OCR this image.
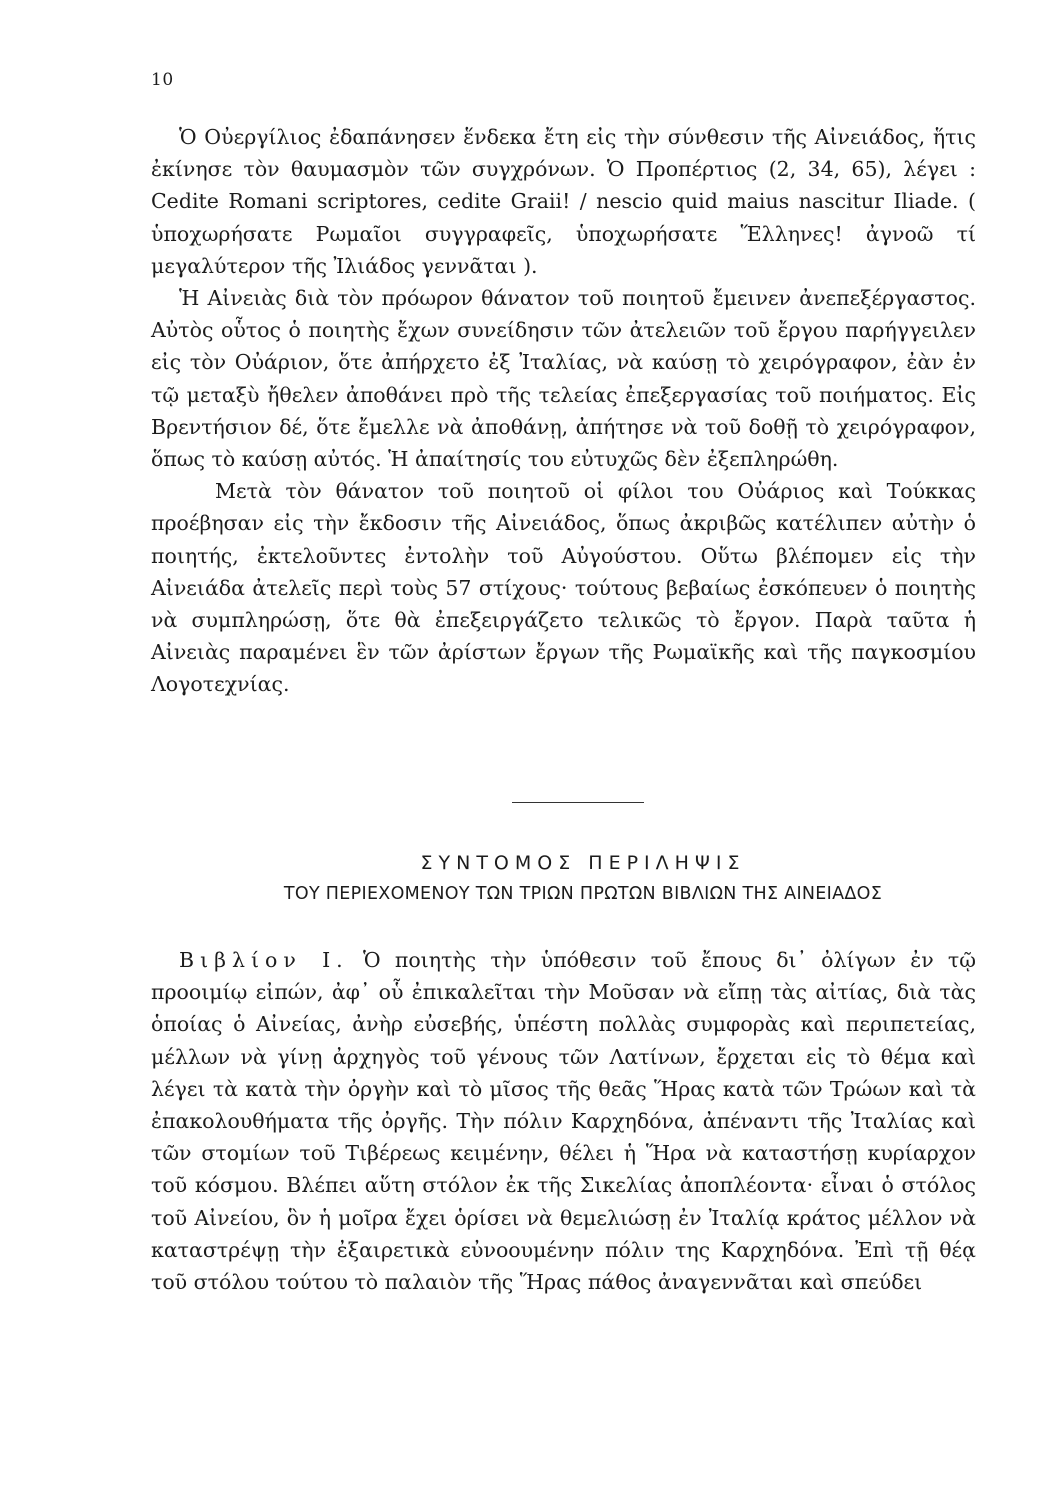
10

Ὁ Οὐεργίλιος ἐδαπάνησεν ἕνδεκα ἔτη εἰς τὴν σύνθεσιν τῆς Αἰνειάδος, ἥτις ἐκίνησε τὸν θαυμασμὸν τῶν συγχρόνων. Ὁ Προπέρτιος (2, 34, 65), λέγει : Cedite Romani scriptores, cedite Graii! / nescio quid maius nascitur Iliade. ( ὑποχωρήσατε Ρωμαῖοι συγγραφεῖς, ὑποχωρήσατε Ἕλληνες! ἀγνοῶ τί μεγαλύτερον τῆς Ἰλιάδος γεννᾶται ).

Ἡ Αἰνειὰς διὰ τὸν πρόωρον θάνατον τοῦ ποιητοῦ ἔμεινεν ἀνεπεξέργαστος. Αὐτὸς οὗτος ὁ ποιητὴς ἔχων συνείδησιν τῶν ἀτελειῶν τοῦ ἔργου παρήγγειλεν εἰς τὸν Οὐάριον, ὅτε ἀπήρχετο ἐξ Ἰταλίας, νὰ καύσῃ τὸ χειρόγραφον, ἐὰν ἐν τῷ μεταξὺ ἤθελεν ἀποθάνει πρὸ τῆς τελείας ἐπεξεργασίας τοῦ ποιήματος. Εἰς Βρεντήσιον δέ, ὅτε ἔμελλε νὰ ἀποθάνῃ, ἀπήτησε νὰ τοῦ δοθῇ τὸ χειρόγραφον, ὅπως τὸ καύσῃ αὐτός. Ἡ ἀπαίτησίς του εὐτυχῶς δὲν ἐξεπληρώθη.

Μετὰ τὸν θάνατον τοῦ ποιητοῦ οἱ φίλοι του Οὐάριος καὶ Τούκκας προέβησαν εἰς τὴν ἔκδοσιν τῆς Αἰνειάδος, ὅπως ἀκριβῶς κατέλιπεν αὐτὴν ὁ ποιητής, ἐκτελοῦντες ἐντολὴν τοῦ Αὐγούστου. Οὕτω βλέπομεν εἰς τὴν Αἰνειάδα ἀτελεῖς περὶ τοὺς 57 στίχους· τούτους βεβαίως ἐσκόπευεν ὁ ποιητὴς νὰ συμπληρώσῃ, ὅτε θὰ ἐπεξειργάζετο τελικῶς τὸ ἔργον. Παρὰ ταῦτα ἡ Αἰνειὰς παραμένει ἓν τῶν ἀρίστων ἔργων τῆς Ρωμαϊκῆς καὶ τῆς παγκοσμίου Λογοτεχνίας.

ΣΥΝΤΟΜΟΣ ΠΕΡΙΛΗΨΙΣ
ΤΟΥ ΠΕΡΙΕΧΟΜΕΝΟΥ ΤΩΝ ΤΡΙΩΝ ΠΡΩΤΩΝ ΒΙΒΛΙΩΝ ΤΗΣ ΑΙΝΕΙΑΔΟΣ

Βιβλίον Ι. Ὁ ποιητὴς τὴν ὑπόθεσιν τοῦ ἔπους δι᾽ ὀλίγων ἐν τῷ προοιμίῳ εἰπών, ἀφ᾽ οὗ ἐπικαλεῖται τὴν Μοῦσαν νὰ εἴπῃ τὰς αἰτίας, διὰ τὰς ὁποίας ὁ Αἰνείας, ἀνὴρ εὐσεβής, ὑπέστη πολλὰς συμφορὰς καὶ περιπετείας, μέλλων νὰ γίνῃ ἀρχηγὸς τοῦ γένους τῶν Λατίνων, ἔρχεται εἰς τὸ θέμα καὶ λέγει τὰ κατὰ τὴν ὀργὴν καὶ τὸ μῖσος τῆς θεᾶς Ἥρας κατὰ τῶν Τρώων καὶ τὰ ἐπακολουθήματα τῆς ὀργῆς. Τὴν πόλιν Καρχηδόνα, ἀπέναντι τῆς Ἰταλίας καὶ τῶν στομίων τοῦ Τιβέρεως κειμένην, θέλει ἡ Ἥρα νὰ καταστήσῃ κυρίαρχον τοῦ κόσμου. Βλέπει αὕτη στόλον ἐκ τῆς Σικελίας ἀποπλέοντα· εἶναι ὁ στόλος τοῦ Αἰνείου, ὃν ἡ μοῖρα ἔχει ὁρίσει νὰ θεμελιώσῃ ἐν Ἰταλίᾳ κράτος μέλλον νὰ καταστρέψῃ τὴν ἐξαιρετικὰ εὐνοουμένην πόλιν της Καρχηδόνα. Ἐπὶ τῇ θέᾳ τοῦ στόλου τούτου τὸ παλαιὸν τῆς Ἥρας πάθος ἀναγεννᾶται καὶ σπεύδει
